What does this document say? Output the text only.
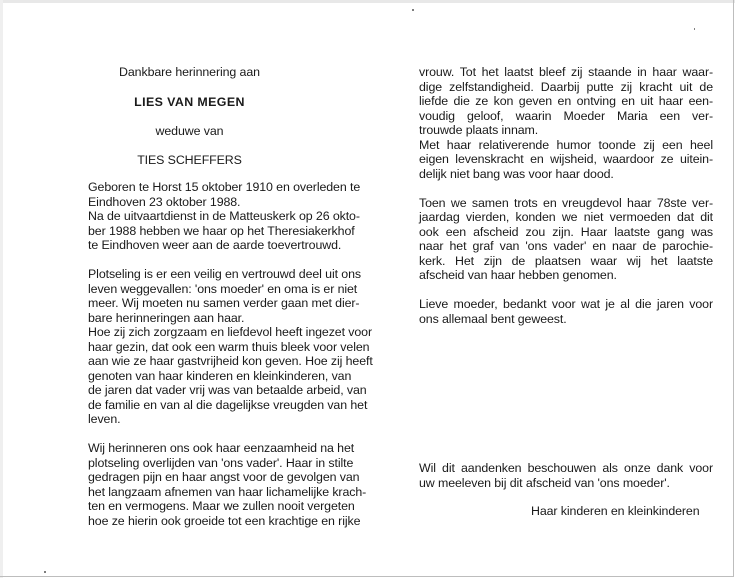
Dankbare herinnering aan
LIES VAN MEGEN
weduwe van
TIES SCHEFFERS
Geboren te Horst 15 oktober 1910 en overleden te
Eindhoven 23 oktober 1988.
Na de uitvaartdienst in de Matteuskerk op 26 okto-
ber 1988 hebben we haar op het Theresiakerkhof
te Eindhoven weer aan de aarde toevertrouwd.
Plotseling is er een veilig en vertrouwd deel uit ons
leven weggevallen: 'ons moeder' en oma is er niet
meer. Wij moeten nu samen verder gaan met dier-
bare herinneringen aan haar.
Hoe zij zich zorgzaam en liefdevol heeft ingezet voor
haar gezin, dat ook een warm thuis bleek voor velen
aan wie ze haar gastvrijheid kon geven. Hoe zij heeft
genoten van haar kinderen en kleinkinderen, van
de jaren dat vader vrij was van betaalde arbeid, van
de familie en van al die dagelijkse vreugden van het
leven.
Wij herinneren ons ook haar eenzaamheid na het
plotseling overlijden van 'ons vader'. Haar in stilte
gedragen pijn en haar angst voor de gevolgen van
het langzaam afnemen van haar lichamelijke krach-
ten en vermogens. Maar we zullen nooit vergeten
hoe ze hierin ook groeide tot een krachtige en rijke
vrouw. Tot het laatst bleef zij staande in haar waar-
dige zelfstandigheid. Daarbij putte zij kracht uit de
liefde die ze kon geven en ontving en uit haar een-
voudig geloof, waarin Moeder Maria een ver-
trouwde plaats innam.
Met haar relativerende humor toonde zij een heel
eigen levenskracht en wijsheid, waardoor ze uitein-
delijk niet bang was voor haar dood.
Toen we samen trots en vreugdevol haar 78ste ver-
jaardag vierden, konden we niet vermoeden dat dit
ook een afscheid zou zijn. Haar laatste gang was
naar het graf van 'ons vader' en naar de parochie-
kerk. Het zijn de plaatsen waar wij het laatste
afscheid van haar hebben genomen.
Lieve moeder, bedankt voor wat je al die jaren voor
ons allemaal bent geweest.
Wil dit aandenken beschouwen als onze dank voor
uw meeleven bij dit afscheid van 'ons moeder'.
Haar kinderen en kleinkinderen
